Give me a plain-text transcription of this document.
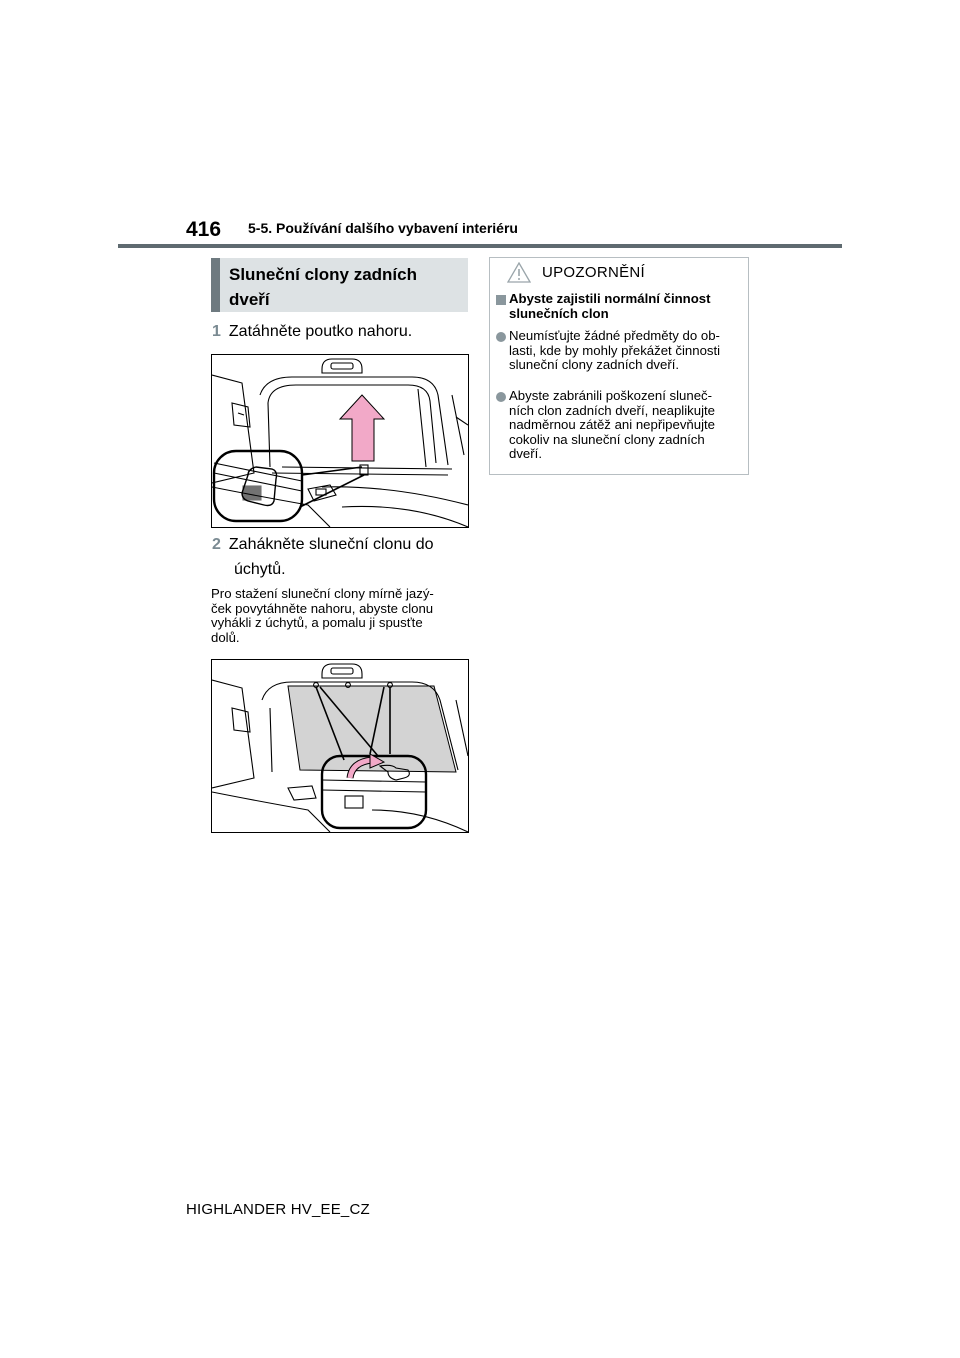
416 5-5. Používání dalšího vybavení interiéru
Sluneční clony zadních
dveří
1 Zatáhněte poutko nahoru.
2 Zahákněte sluneční clonu do
úchytů.
Pro stažení sluneční clony mírně jazý-
ček povytáhněte nahoru, abyste clonu
vyhákli z úchytů, a pomalu ji spusťte
dolů.
UPOZORNĚNÍ
Abyste zajistili normální činnost
slunečních clon
Neumísťujte žádné předměty do ob-
lasti, kde by mohly překážet činnosti
sluneční clony zadních dveří.
Abyste zabránili poškození sluneč-
ních clon zadních dveří, neaplikujte
nadměrnou zátěž ani nepřipevňujte
cokoliv na sluneční clony zadních
dveří.
HIGHLANDER HV_EE_CZ
